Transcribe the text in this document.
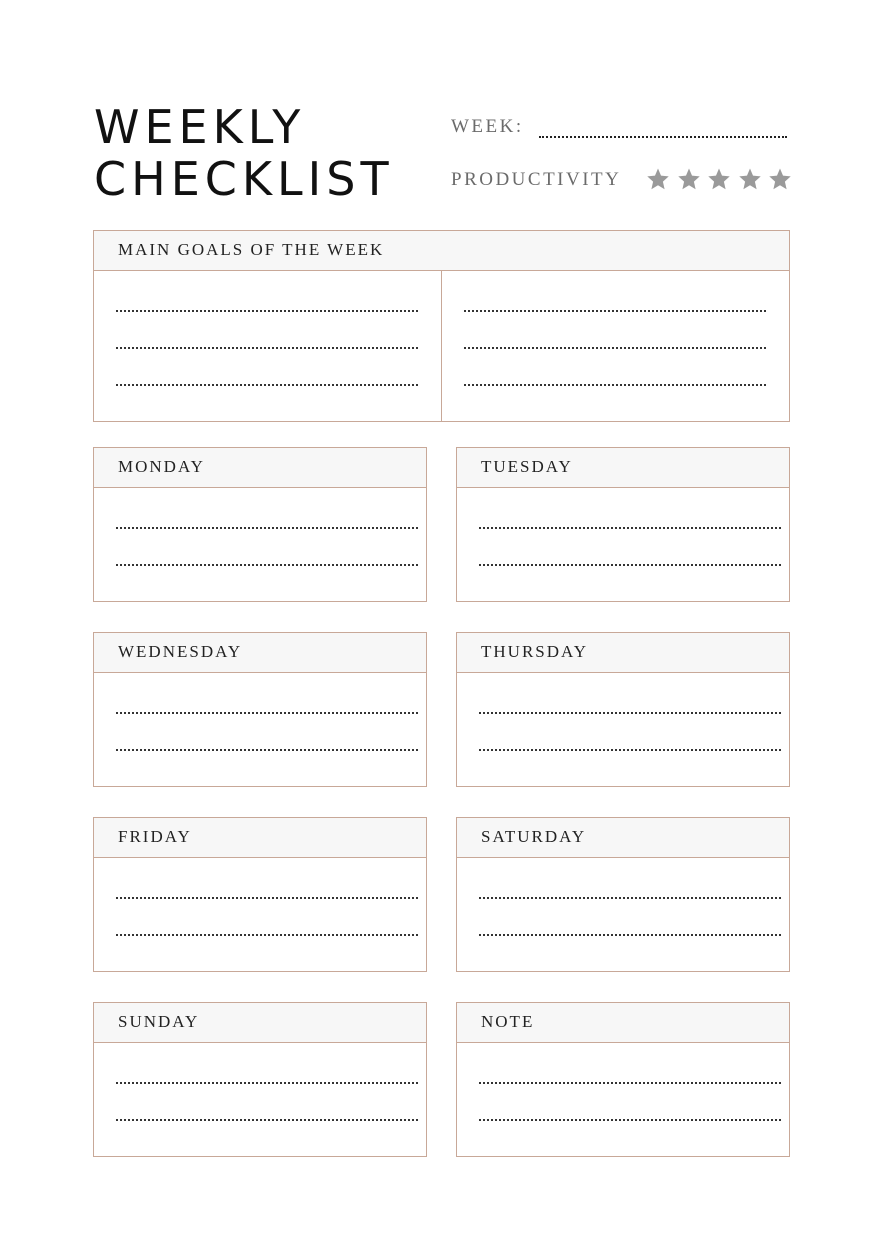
WEEKLY
CHECKLIST
WEEK:
PRODUCTIVITY
MAIN GOALS OF THE WEEK
MONDAY	TUESDAY
WEDNESDAY	THURSDAY
FRIDAY	SATURDAY
SUNDAY	NOTE
